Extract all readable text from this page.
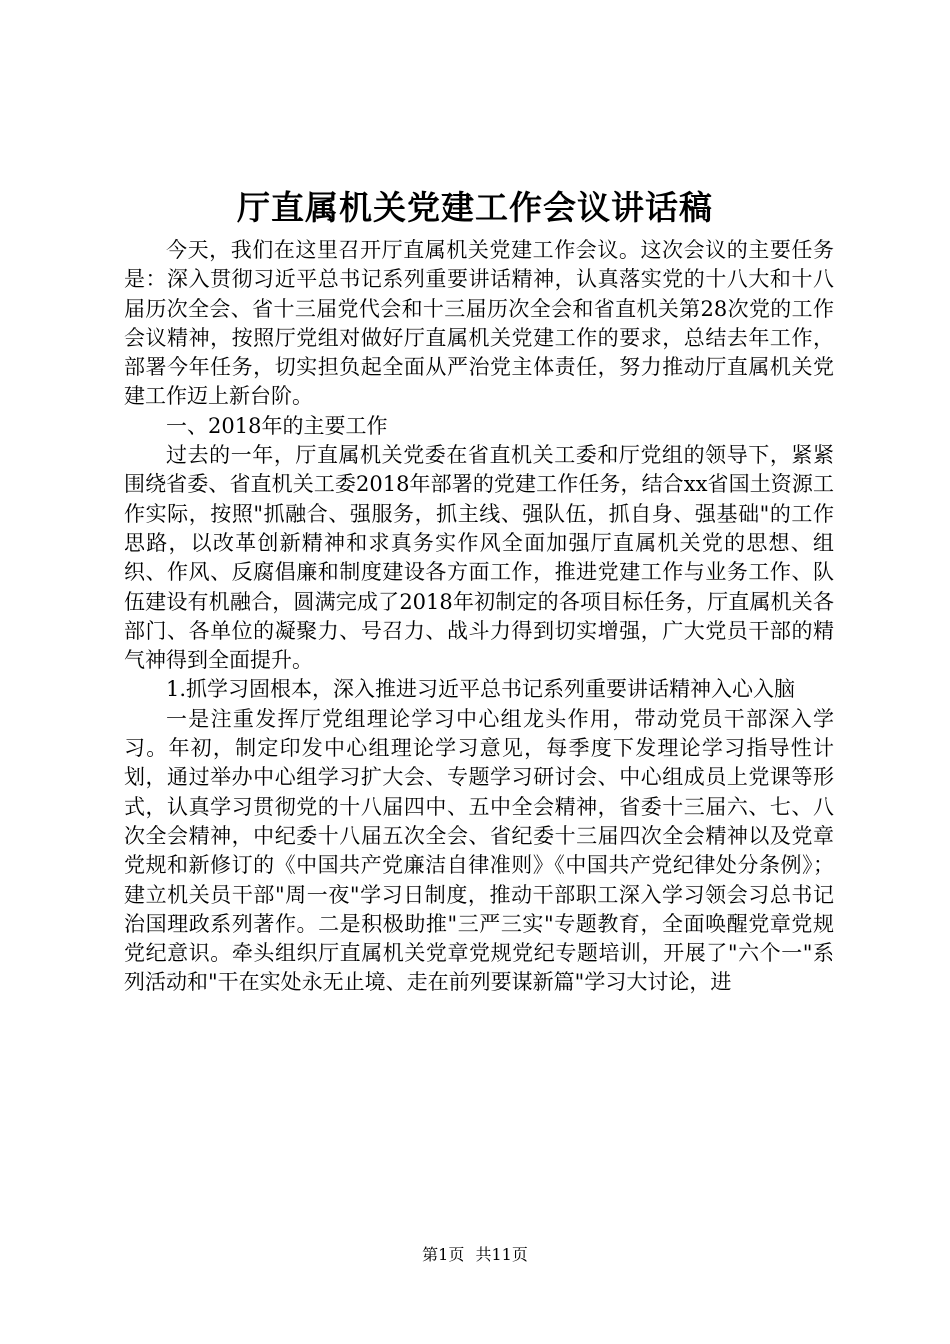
厅直属机关党建工作会议讲话稿

今天，我们在这里召开厅直属机关党建工作会议。这次会议的主要任务是：深入贯彻习近平总书记系列重要讲话精神，认真落实党的十八大和十八届历次全会、省十三届党代会和十三届历次全会和省直机关第28次党的工作会议精神，按照厅党组对做好厅直属机关党建工作的要求，总结去年工作，部署今年任务，切实担负起全面从严治党主体责任，努力推动厅直属机关党建工作迈上新台阶。

一、2018年的主要工作

过去的一年，厅直属机关党委在省直机关工委和厅党组的领导下，紧紧围绕省委、省直机关工委2018年部署的党建工作任务，结合xx省国土资源工作实际，按照"抓融合、强服务，抓主线、强队伍，抓自身、强基础"的工作思路，以改革创新精神和求真务实作风全面加强厅直属机关党的思想、组织、作风、反腐倡廉和制度建设各方面工作，推进党建工作与业务工作、队伍建设有机融合，圆满完成了2018年初制定的各项目标任务，厅直属机关各部门、各单位的凝聚力、号召力、战斗力得到切实增强，广大党员干部的精气神得到全面提升。

1.抓学习固根本，深入推进习近平总书记系列重要讲话精神入心入脑

一是注重发挥厅党组理论学习中心组龙头作用，带动党员干部深入学习。年初，制定印发中心组理论学习意见，每季度下发理论学习指导性计划，通过举办中心组学习扩大会、专题学习研讨会、中心组成员上党课等形式，认真学习贯彻党的十八届四中、五中全会精神，省委十三届六、七、八次全会精神，中纪委十八届五次全会、省纪委十三届四次全会精神以及党章党规和新修订的《中国共产党廉洁自律准则》《中国共产党纪律处分条例》；建立机关员干部"周一夜"学习日制度，推动干部职工深入学习领会习总书记治国理政系列著作。二是积极助推"三严三实"专题教育，全面唤醒党章党规党纪意识。牵头组织厅直属机关党章党规党纪专题培训，开展了"六个一"系列活动和"干在实处永无止境、走在前列要谋新篇"学习大讨论，进

第1页 共11页
